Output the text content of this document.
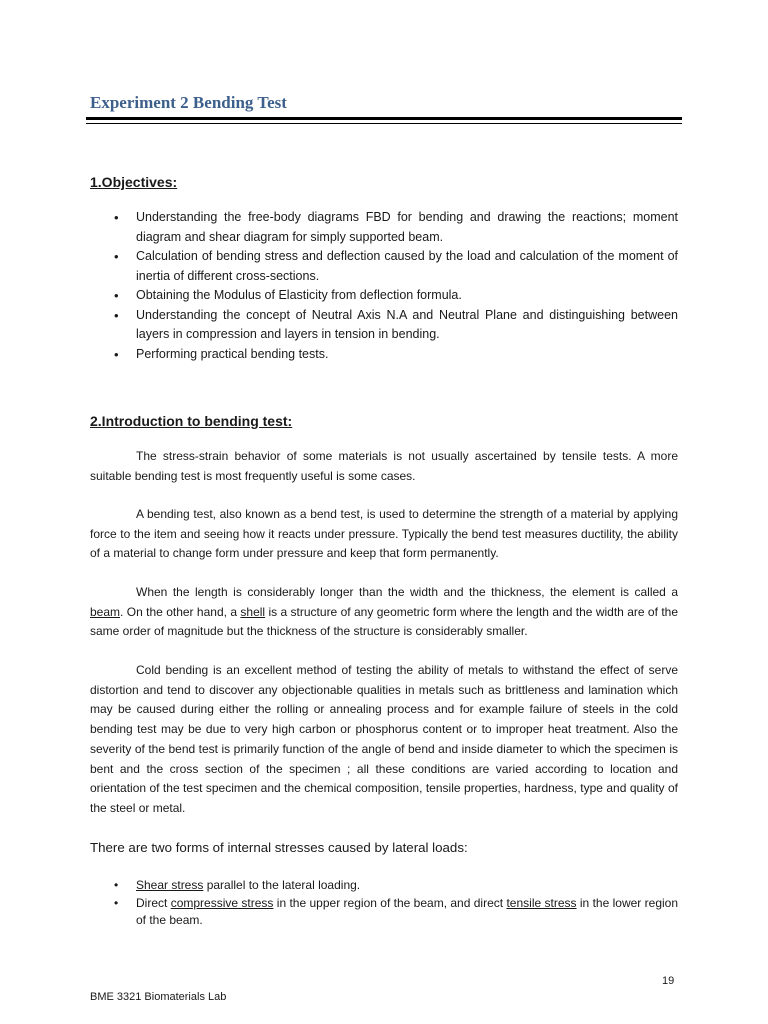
Experiment 2 Bending Test
1.Objectives:
• Understanding the free-body diagrams FBD for bending and drawing the reactions; moment diagram and shear diagram for simply supported beam.
• Calculation of bending stress and deflection caused by the load and calculation of the moment of inertia of different cross-sections.
• Obtaining the Modulus of Elasticity from deflection formula.
• Understanding the concept of Neutral Axis N.A and Neutral Plane and distinguishing between layers in compression and layers in tension in bending.
• Performing practical bending tests.
2.Introduction to bending test:

The stress-strain behavior of some materials is not usually ascertained by tensile tests. A more suitable bending test is most frequently useful is some cases.

A bending test, also known as a bend test, is used to determine the strength of a material by applying force to the item and seeing how it reacts under pressure. Typically the bend test measures ductility, the ability of a material to change form under pressure and keep that form permanently.

When the length is considerably longer than the width and the thickness, the element is called a beam. On the other hand, a shell is a structure of any geometric form where the length and the width are of the same order of magnitude but the thickness of the structure is considerably smaller.

Cold bending is an excellent method of testing the ability of metals to withstand the effect of serve distortion and tend to discover any objectionable qualities in metals such as brittleness and lamination which may be caused during either the rolling or annealing process and for example failure of steels in the cold bending test may be due to very high carbon or phosphorus content or to improper heat treatment. Also the severity of the bend test is primarily function of the angle of bend and inside diameter to which the specimen is bent and the cross section of the specimen ; all these conditions are varied according to location and orientation of the test specimen and the chemical composition, tensile properties, hardness, type and quality of the steel or metal.

There are two forms of internal stresses caused by lateral loads:

• Shear stress parallel to the lateral loading.
• Direct compressive stress in the upper region of the beam, and direct tensile stress in the lower region of the beam.

19

BME 3321 Biomaterials Lab
